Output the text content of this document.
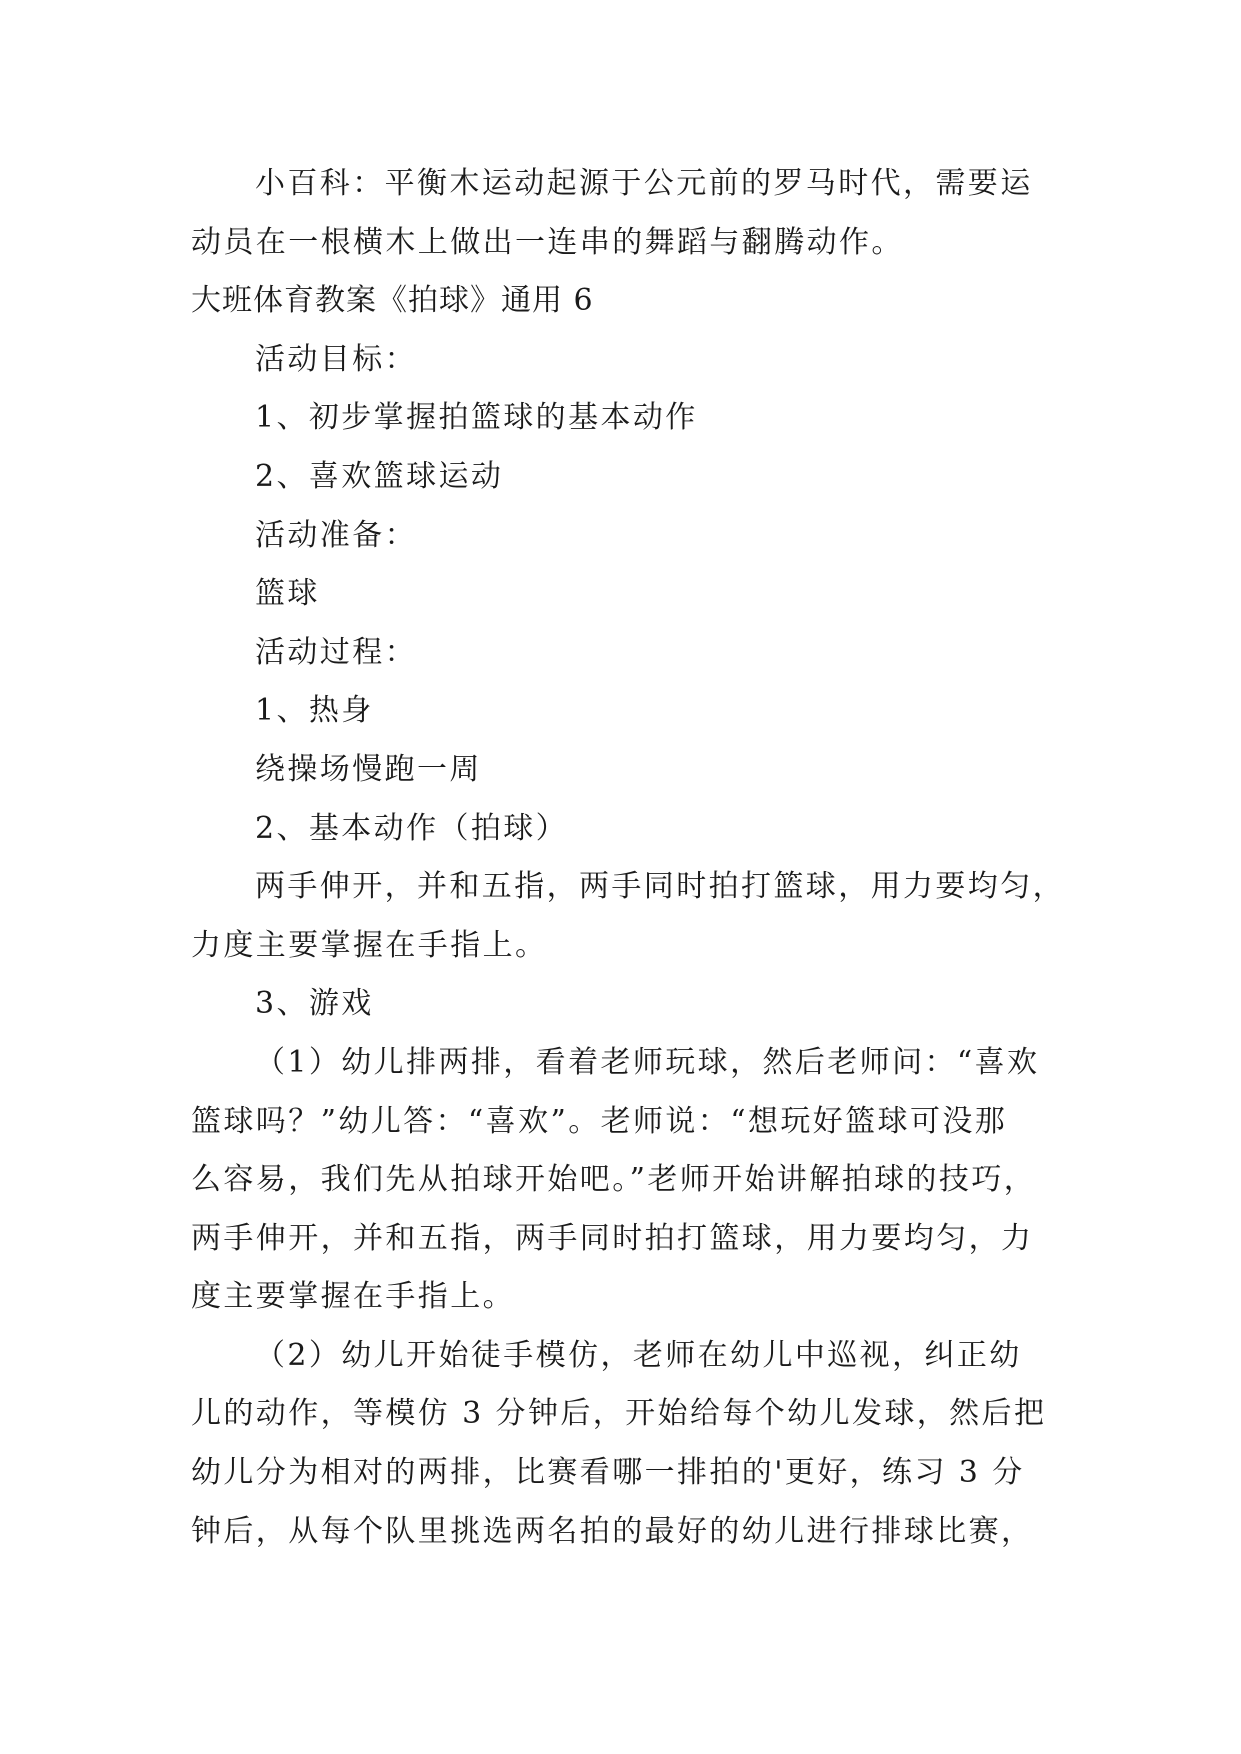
小百科：平衡木运动起源于公元前的罗马时代，需要运
动员在一根横木上做出一连串的舞蹈与翻腾动作。
大班体育教案《拍球》通用 6
活动目标：
1、初步掌握拍篮球的基本动作
2、喜欢篮球运动
活动准备：
篮球
活动过程：
1、热身
绕操场慢跑一周
2、基本动作（拍球）
两手伸开，并和五指，两手同时拍打篮球，用力要均匀，
力度主要掌握在手指上。
3、游戏
（1）幼儿排两排，看着老师玩球，然后老师问：“喜欢
篮球吗？”幼儿答：“喜欢”。老师说：“想玩好篮球可没那
么容易，我们先从拍球开始吧。”老师开始讲解拍球的技巧，
两手伸开，并和五指，两手同时拍打篮球，用力要均匀，力
度主要掌握在手指上。
（2）幼儿开始徒手模仿，老师在幼儿中巡视，纠正幼
儿的动作，等模仿 3 分钟后，开始给每个幼儿发球，然后把
幼儿分为相对的两排，比赛看哪一排拍的'更好，练习 3 分
钟后，从每个队里挑选两名拍的最好的幼儿进行排球比赛，
